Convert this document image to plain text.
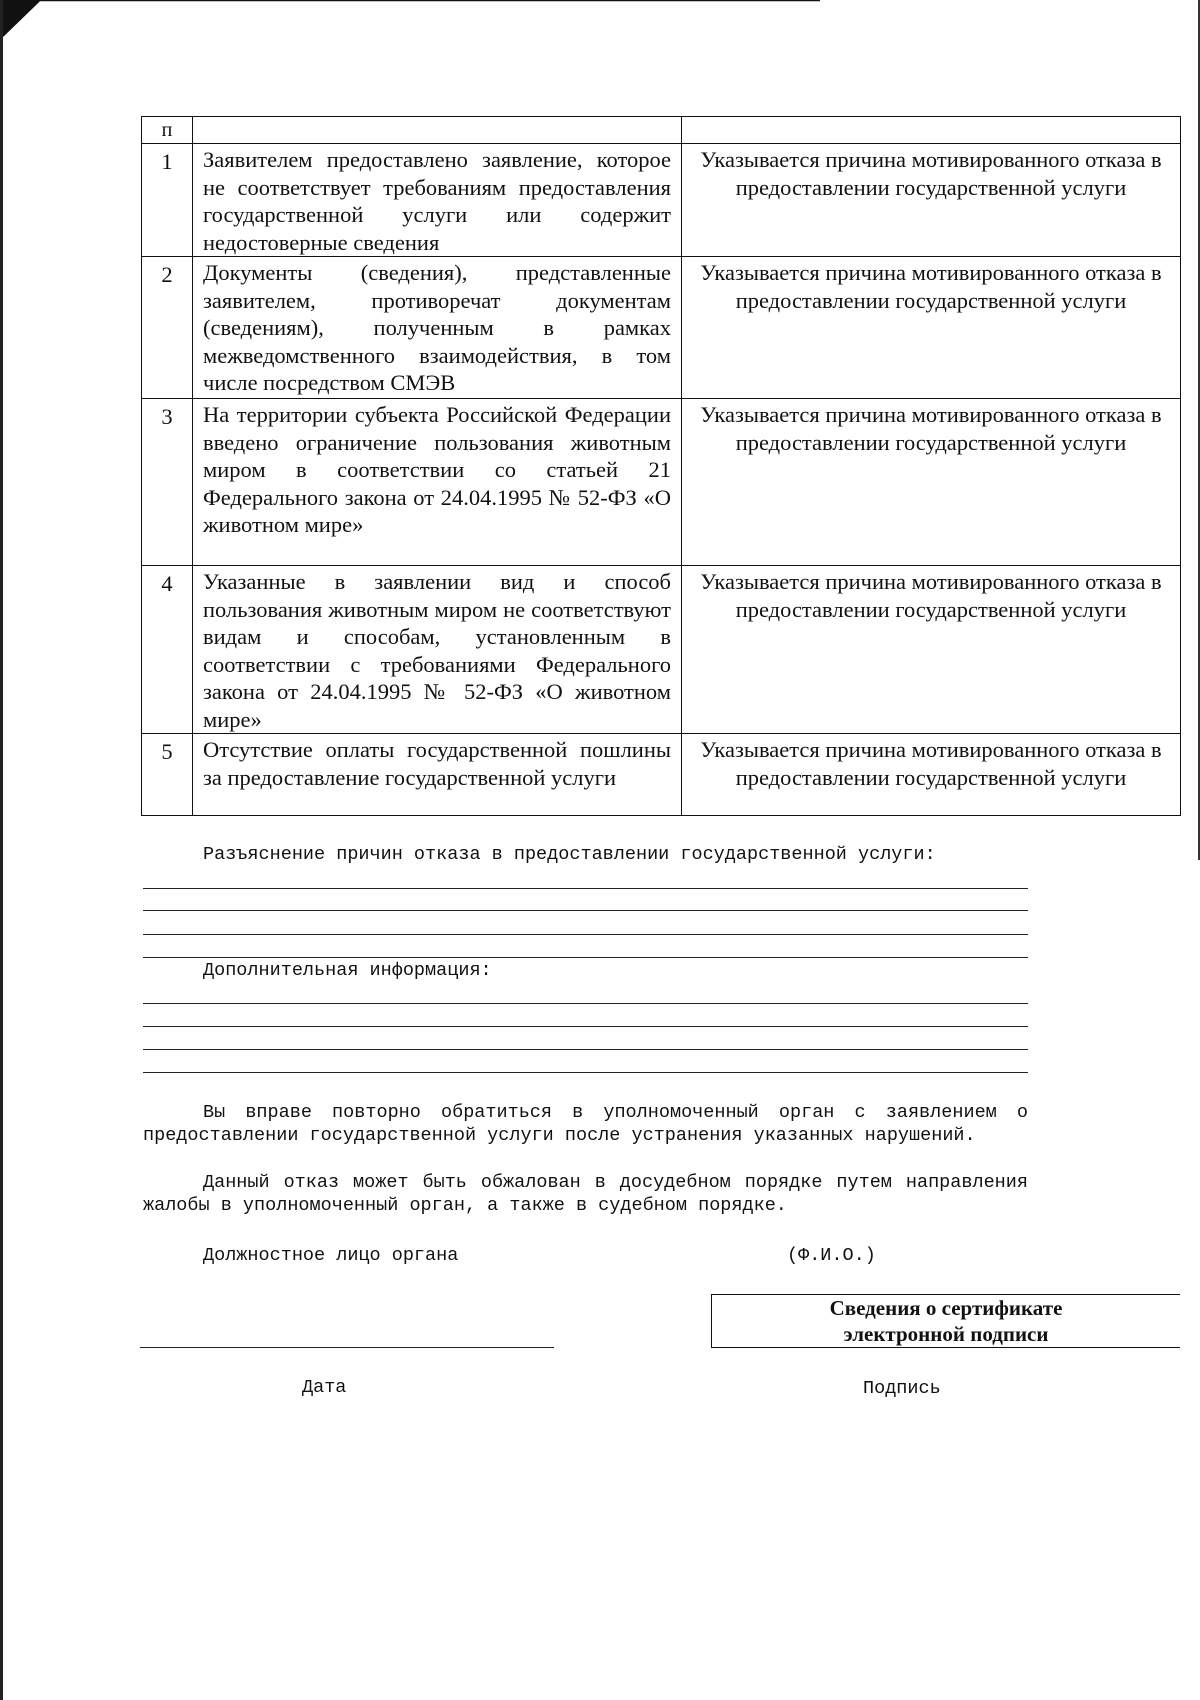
п		
1	Заявителем предоставлено заявление, которое не соответствует требованиям предоставления государственной услуги или содержит недостоверные сведения	Указывается причина мотивированного отказа в предоставлении государственной услуги
2	Документы (сведения), представленные заявителем, противоречат документам (сведениям), полученным в рамках межведомственного взаимодействия, в том числе посредством СМЭВ	Указывается причина мотивированного отказа в предоставлении государственной услуги
3	На территории субъекта Российской Федерации введено ограничение пользования животным миром в соответствии со статьей 21 Федерального закона от 24.04.1995 № 52-ФЗ «О животном мире»	Указывается причина мотивированного отказа в предоставлении государственной услуги
4	Указанные в заявлении вид и способ пользования животным миром не соответствуют видам и способам, установленным в соответствии с требованиями Федерального закона от 24.04.1995 № 52-ФЗ «О животном мире»	Указывается причина мотивированного отказа в предоставлении государственной услуги
5	Отсутствие оплаты государственной пошлины за предоставление государственной услуги	Указывается причина мотивированного отказа в предоставлении государственной услуги
Разъяснение причин отказа в предоставлении государственной услуги:
Дополнительная информация:
Вы вправе повторно обратиться в уполномоченный орган с заявлением о предоставлении государственной услуги после устранения указанных нарушений.
Данный отказ может быть обжалован в досудебном порядке путем направления жалобы в уполномоченный орган, а также в судебном порядке.
Должностное лицо органа	(Ф.И.О.)
Сведения о сертификате
электронной подписи
Дата	Подпись
